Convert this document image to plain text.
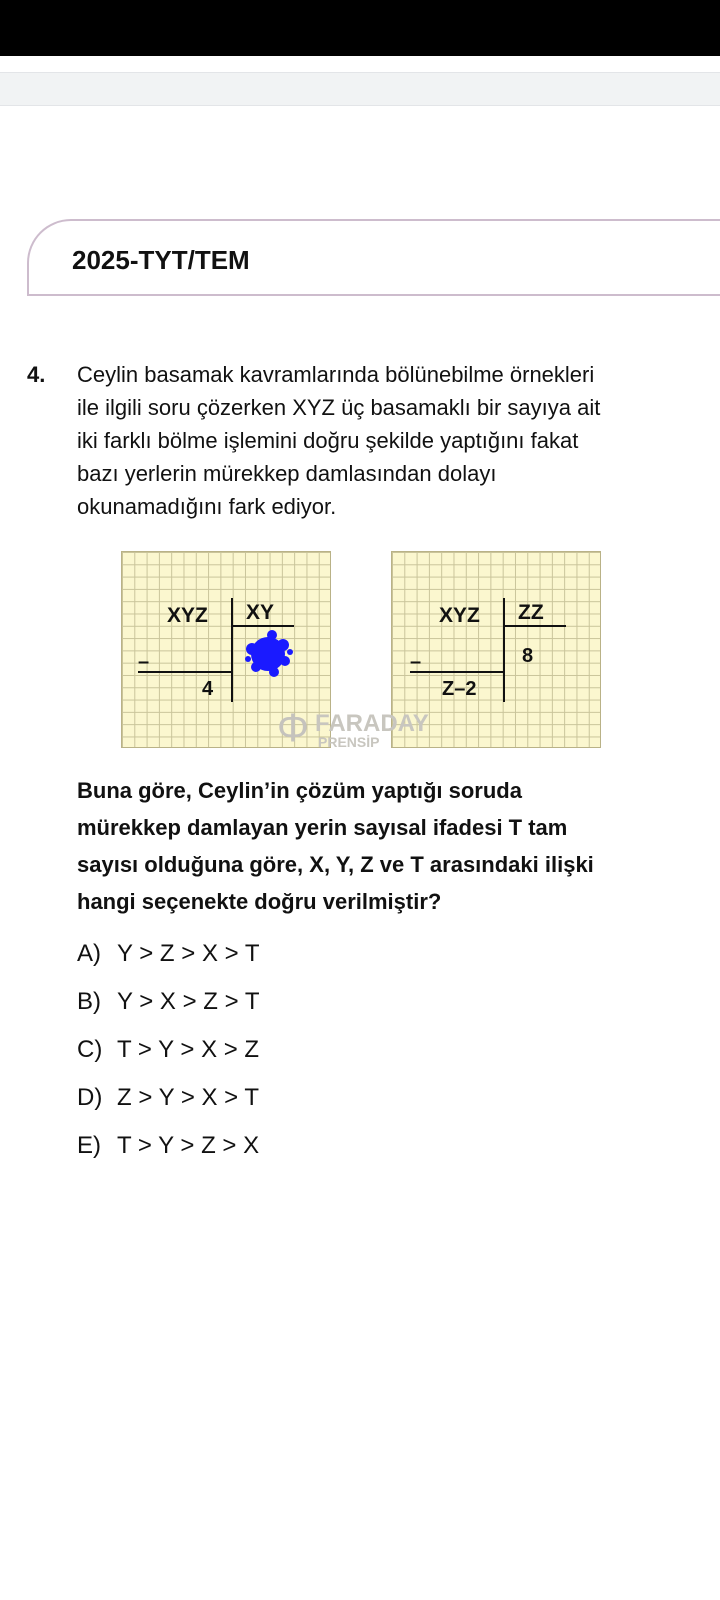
2025-TYT/TEM
4. Ceylin basamak kavramlarında bölünebilme örnekleri
ile ilgili soru çözerken XYZ üç basamaklı bir sayıya ait
iki farklı bölme işlemini doğru şekilde yaptığını fakat
bazı yerlerin mürekkep damlasından dolayı
okunamadığını fark ediyor.
XYZ XY
–
4
XYZ ZZ
8
–
Z–2
Φ FARADAY
PRENSİP
Buna göre, Ceylin’in çözüm yaptığı soruda
mürekkep damlayan yerin sayısal ifadesi T tam
sayısı olduğuna göre, X, Y, Z ve T arasındaki ilişki
hangi seçenekte doğru verilmiştir?
A) Y > Z > X > T
B) Y > X > Z > T
C) T > Y > X > Z
D) Z > Y > X > T
E) T > Y > Z > X
